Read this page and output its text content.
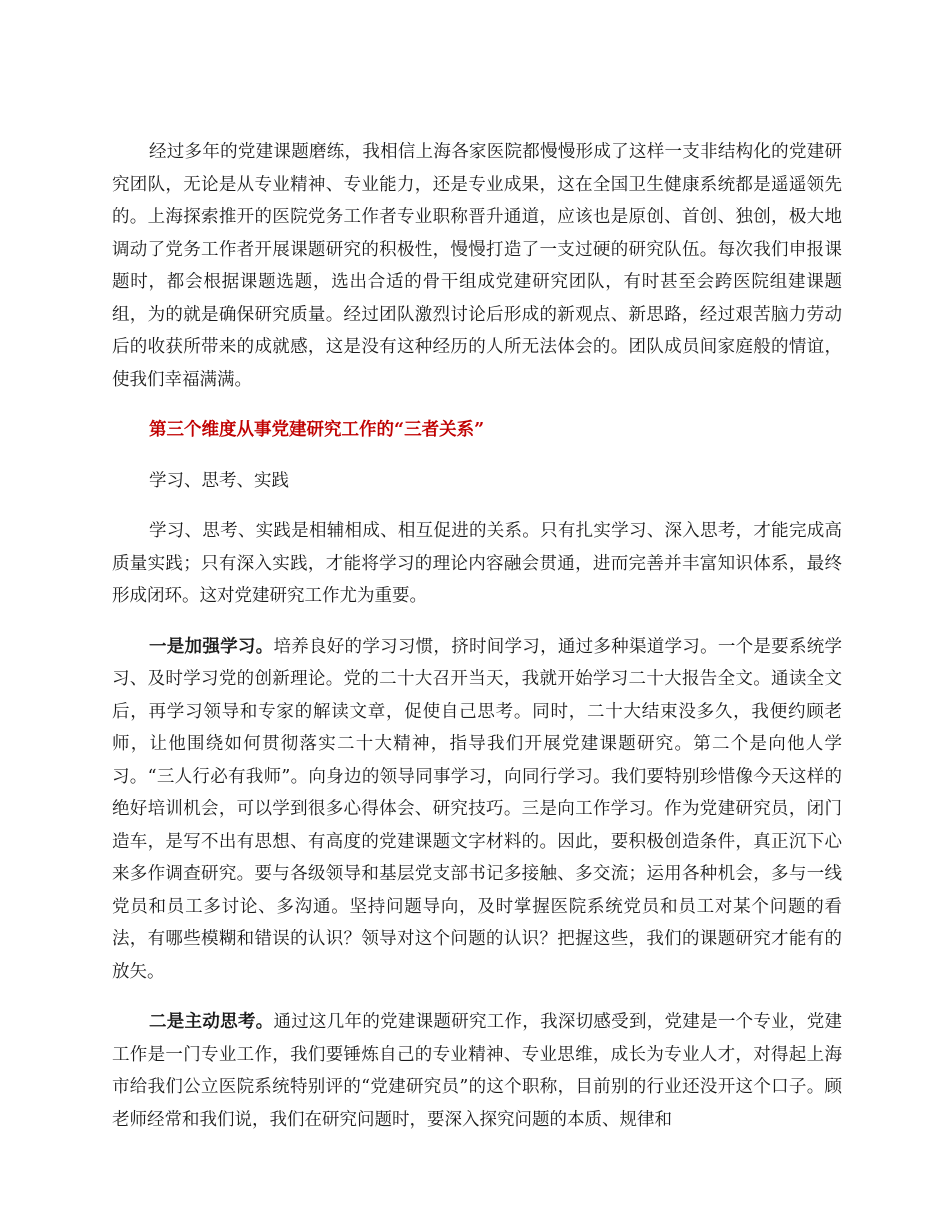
经过多年的党建课题磨练，我相信上海各家医院都慢慢形成了这样一支非结构化的党建研究团队，无论是从专业精神、专业能力，还是专业成果，这在全国卫生健康系统都是遥遥领先的。上海探索推开的医院党务工作者专业职称晋升通道，应该也是原创、首创、独创，极大地调动了党务工作者开展课题研究的积极性，慢慢打造了一支过硬的研究队伍。每次我们申报课题时，都会根据课题选题，选出合适的骨干组成党建研究团队，有时甚至会跨医院组建课题组，为的就是确保研究质量。经过团队激烈讨论后形成的新观点、新思路，经过艰苦脑力劳动后的收获所带来的成就感，这是没有这种经历的人所无法体会的。团队成员间家庭般的情谊，使我们幸福满满。

第三个维度从事党建研究工作的“三者关系”

学习、思考、实践

学习、思考、实践是相辅相成、相互促进的关系。只有扎实学习、深入思考，才能完成高质量实践；只有深入实践，才能将学习的理论内容融会贯通，进而完善并丰富知识体系，最终形成闭环。这对党建研究工作尤为重要。

一是加强学习。培养良好的学习习惯，挤时间学习，通过多种渠道学习。一个是要系统学习、及时学习党的创新理论。党的二十大召开当天，我就开始学习二十大报告全文。通读全文后，再学习领导和专家的解读文章，促使自己思考。同时，二十大结束没多久，我便约顾老师，让他围绕如何贯彻落实二十大精神，指导我们开展党建课题研究。第二个是向他人学习。“三人行必有我师”。向身边的领导同事学习，向同行学习。我们要特别珍惜像今天这样的绝好培训机会，可以学到很多心得体会、研究技巧。三是向工作学习。作为党建研究员，闭门造车，是写不出有思想、有高度的党建课题文字材料的。因此，要积极创造条件，真正沉下心来多作调查研究。要与各级领导和基层党支部书记多接触、多交流；运用各种机会，多与一线党员和员工多讨论、多沟通。坚持问题导向，及时掌握医院系统党员和员工对某个问题的看法，有哪些模糊和错误的认识？领导对这个问题的认识？把握这些，我们的课题研究才能有的放矢。

二是主动思考。通过这几年的党建课题研究工作，我深切感受到，党建是一个专业，党建工作是一门专业工作，我们要锤炼自己的专业精神、专业思维，成长为专业人才，对得起上海市给我们公立医院系统特别评的“党建研究员”的这个职称，目前别的行业还没开这个口子。顾老师经常和我们说，我们在研究问题时，要深入探究问题的本质、规律和
